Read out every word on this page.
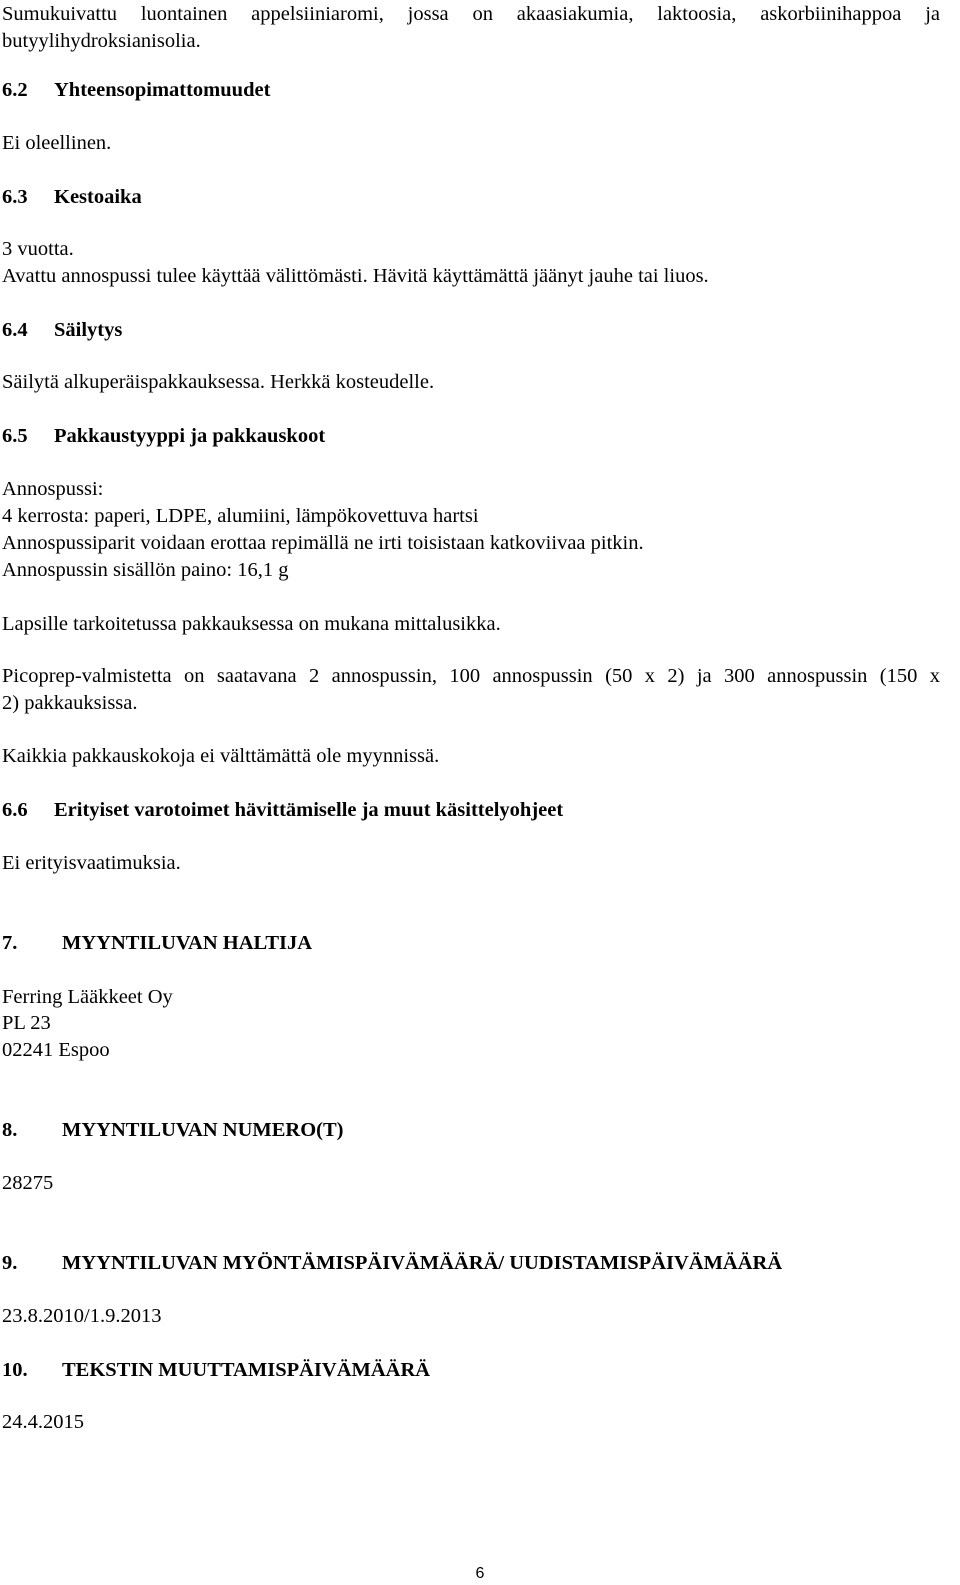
Sumukuivattu luontainen appelsiiniaromi, jossa on akaasiakumia, laktoosia, askorbiinihappoa ja
butyylihydroksianisolia.
6.2 Yhteensopimattomuudet
Ei oleellinen.
6.3 Kestoaika
3 vuotta.
Avattu annospussi tulee käyttää välittömästi. Hävitä käyttämättä jäänyt jauhe tai liuos.
6.4 Säilytys
Säilytä alkuperäispakkauksessa. Herkkä kosteudelle.
6.5 Pakkaustyyppi ja pakkauskoot
Annospussi:
4 kerrosta: paperi, LDPE, alumiini, lämpökovettuva hartsi
Annospussiparit voidaan erottaa repimällä ne irti toisistaan katkoviivaa pitkin.
Annospussin sisällön paino: 16,1 g
Lapsille tarkoitetussa pakkauksessa on mukana mittalusikka.
Picoprep-valmistetta on saatavana 2 annospussin, 100 annospussin (50 x 2) ja 300 annospussin (150 x
2) pakkauksissa.
Kaikkia pakkauskokoja ei välttämättä ole myynnissä.
6.6 Erityiset varotoimet hävittämiselle ja muut käsittelyohjeet
Ei erityisvaatimuksia.
7. MYYNTILUVAN HALTIJA
Ferring Lääkkeet Oy
PL 23
02241 Espoo
8. MYYNTILUVAN NUMERO(T)
28275
9. MYYNTILUVAN MYÖNTÄMISPÄIVÄMÄÄRÄ/ UUDISTAMISPÄIVÄMÄÄRÄ
23.8.2010/1.9.2013
10. TEKSTIN MUUTTAMISPÄIVÄMÄÄRÄ
24.4.2015
6
